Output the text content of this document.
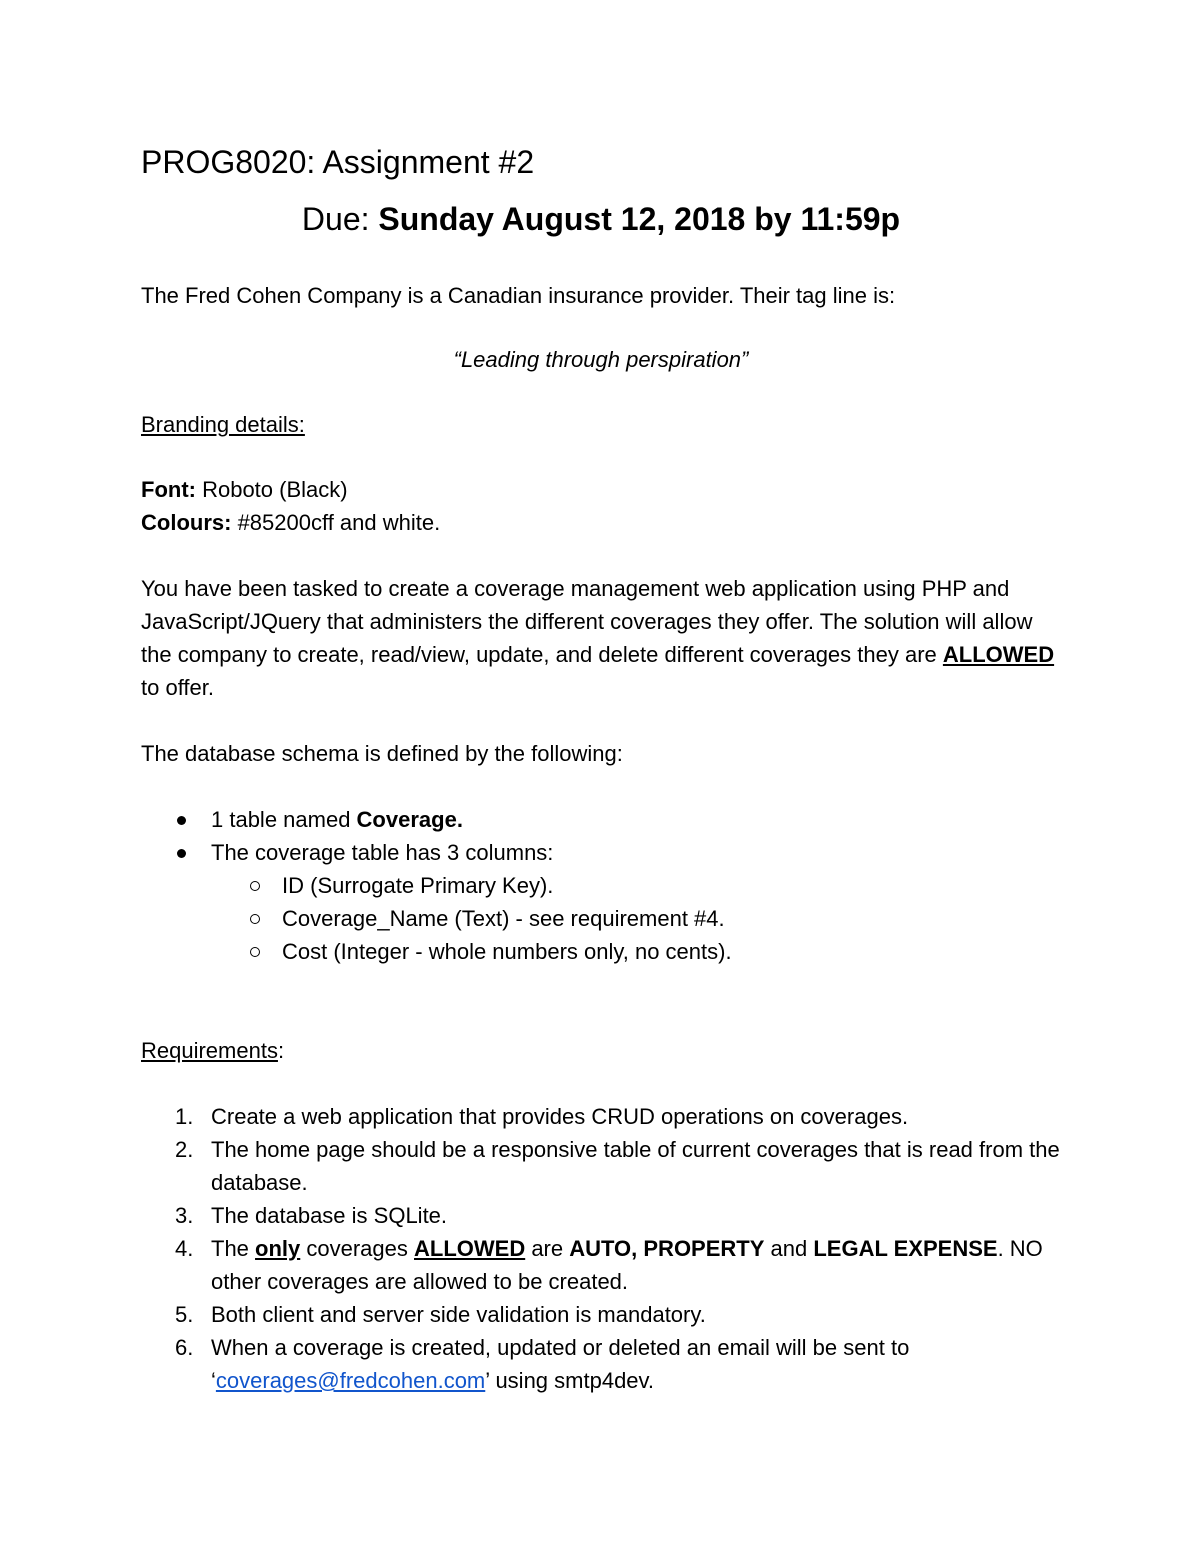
PROG8020: Assignment #2

Due: Sunday August 12, 2018 by 11:59p

The Fred Cohen Company is a Canadian insurance provider. Their tag line is:

“Leading through perspiration”

Branding details:

Font: Roboto (Black)

Colours: #85200cff and white.

You have been tasked to create a coverage management web application using PHP and JavaScript/JQuery that administers the different coverages they offer. The solution will allow the company to create, read/view, update, and delete different coverages they are ALLOWED to offer.

The database schema is defined by the following:

1 table named Coverage.
The coverage table has 3 columns:
ID (Surrogate Primary Key).
Coverage_Name (Text) - see requirement #4.
Cost (Integer - whole numbers only, no cents).

Requirements:

1. Create a web application that provides CRUD operations on coverages.
2. The home page should be a responsive table of current coverages that is read from the database.
3. The database is SQLite.
4. The only coverages ALLOWED are AUTO, PROPERTY and LEGAL EXPENSE. NO other coverages are allowed to be created.
5. Both client and server side validation is mandatory.
6. When a coverage is created, updated or deleted an email will be sent to ‘coverages@fredcohen.com’ using smtp4dev.
